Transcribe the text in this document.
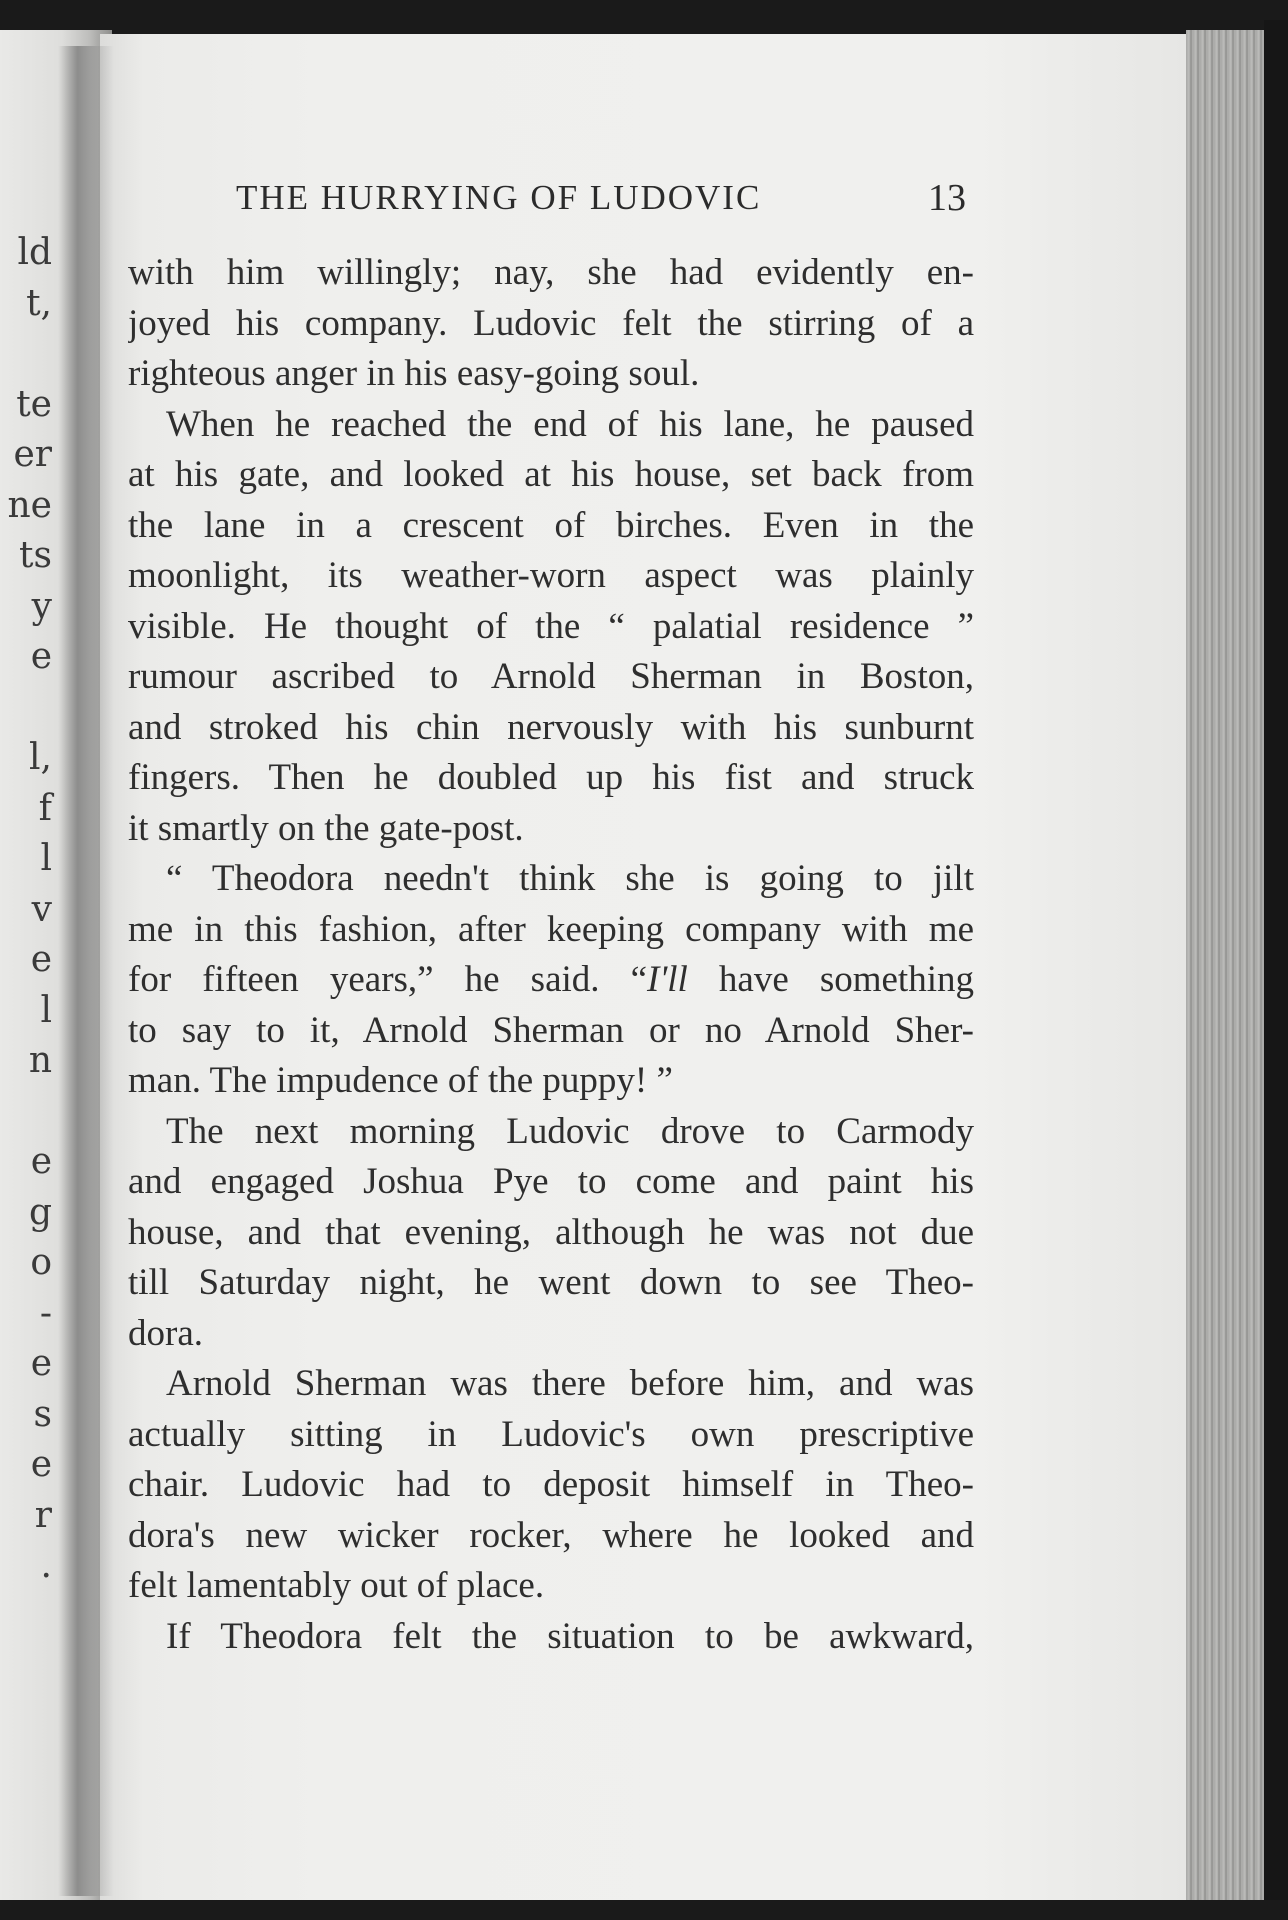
ld
t,
te
er
ne
ts
y
e
l,
f
l
v
e
l
n
e
g
o
-
e
s
e
r
.
THE HURRYING OF LUDOVIC	13
with him willingly; nay, she had evidently en-
joyed his company. Ludovic felt the stirring of a
righteous anger in his easy-going soul.
When he reached the end of his lane, he paused
at his gate, and looked at his house, set back from
the lane in a crescent of birches. Even in the
moonlight, its weather-worn aspect was plainly
visible. He thought of the “ palatial residence ”
rumour ascribed to Arnold Sherman in Boston,
and stroked his chin nervously with his sunburnt
fingers. Then he doubled up his fist and struck
it smartly on the gate-post.
“ Theodora needn't think she is going to jilt
me in this fashion, after keeping company with me
for fifteen years,” he said. “I'll have something
to say to it, Arnold Sherman or no Arnold Sher-
man. The impudence of the puppy! ”
The next morning Ludovic drove to Carmody
and engaged Joshua Pye to come and paint his
house, and that evening, although he was not due
till Saturday night, he went down to see Theo-
dora.
Arnold Sherman was there before him, and was
actually sitting in Ludovic's own prescriptive
chair. Ludovic had to deposit himself in Theo-
dora's new wicker rocker, where he looked and
felt lamentably out of place.
If Theodora felt the situation to be awkward,
